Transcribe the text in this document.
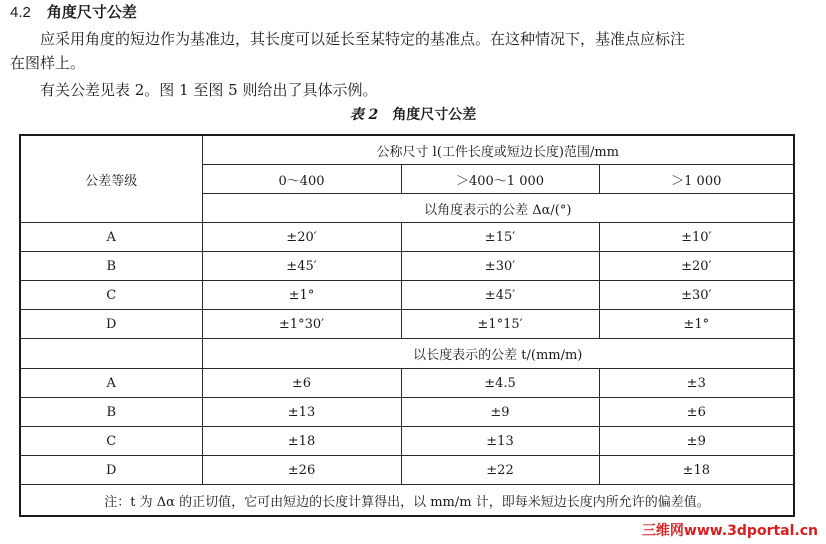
4.2 角度尺寸公差
应采用角度的短边作为基准边，其长度可以延长至某特定的基准点。在这种情况下，基准点应标注
在图样上。
有关公差见表 2。图 1 至图 5 则给出了具体示例。
表 2 角度尺寸公差
公差等级	公称尺寸 l(工件长度或短边长度)范围/mm		
	0～400	＞400～1 000	＞1 000
	以角度表示的公差 Δα/(°)		
A	±20′	±15′	±10′
B	±45′	±30′	±20′
C	±1°	±45′	±30′
D	±1°30′	±1°15′	±1°
	以长度表示的公差 t/(mm/m)		
A	±6	±4.5	±3
B	±13	±9	±6
C	±18	±13	±9
D	±26	±22	±18
注：t 为 Δα 的正切值，它可由短边的长度计算得出，以 mm/m 计，即每米短边长度内所允许的偏差值。			
三维网www.3dportal.cn
